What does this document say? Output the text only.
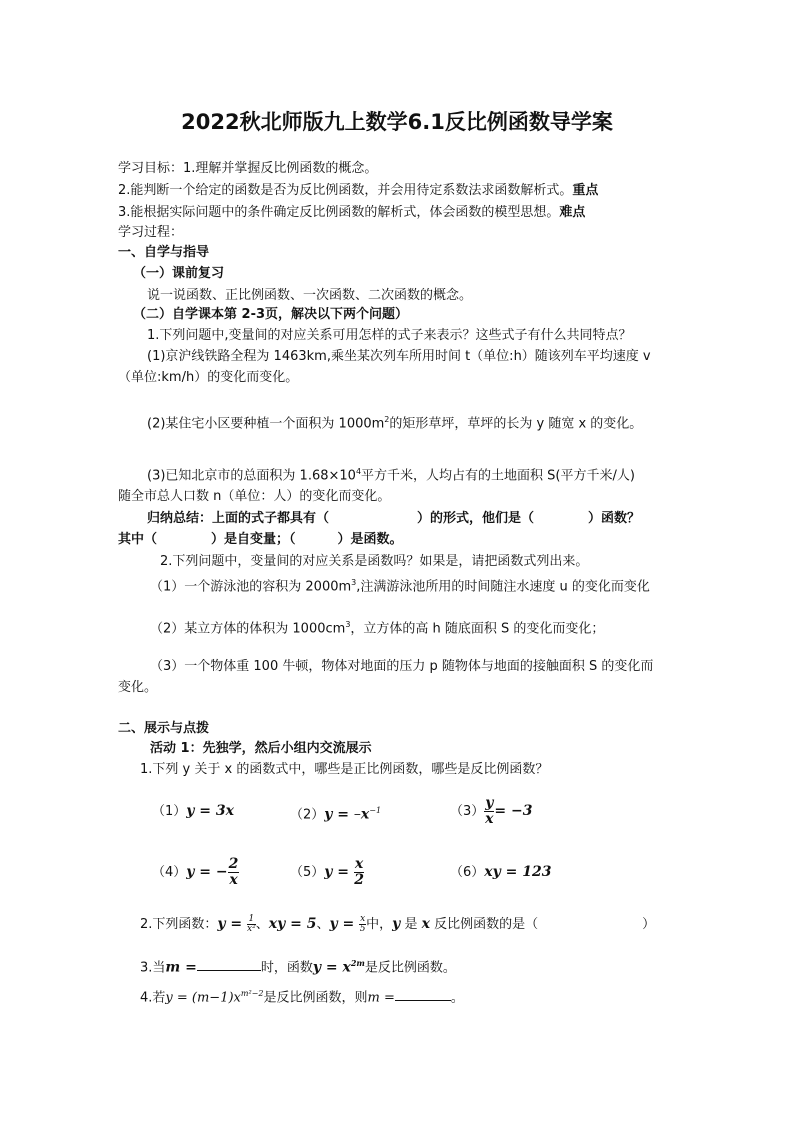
2022秋北师版九上数学6.1反比例函数导学案
学习目标：1.理解并掌握反比例函数的概念。
2.能判断一个给定的函数是否为反比例函数，并会用待定系数法求函数解析式。重点
3.能根据实际问题中的条件确定反比例函数的解析式，体会函数的模型思想。难点
学习过程：
一、自学与指导
（一）课前复习
说一说函数、正比例函数、一次函数、二次函数的概念。
（二）自学课本第 2-3页，解决以下两个问题）
1.下列问题中,变量间的对应关系可用怎样的式子来表示？这些式子有什么共同特点？
(1)京沪线铁路全程为 1463km,乘坐某次列车所用时间 t（单位:h）随该列车平均速度 v
（单位:km/h）的变化而变化。
(2)某住宅小区要种植一个面积为 $1000m^2$的矩形草坪，草坪的长为 y 随宽 x 的变化。
(3)已知北京市的总面积为 $1.68\times 10^4$平方千米，人均占有的土地面积 S(平方千米/人)
随全市总人口数 n（单位：人）的变化而变化。
归纳总结：上面的式子都具有（	）的形式，他们是（	）函数？
其中（	）是自变量；（	）是函数。
2.下列问题中，变量间的对应关系是函数吗？如果是，请把函数式列出来。
（1）一个游泳池的容积为 $2000m^3$,注满游泳池所用的时间随注水速度 u 的变化而变化
（2）某立方体的体积为 $1000cm^3$，立方体的高 h 随底面积 S 的变化而变化；
（3）一个物体重 100 牛顿，物体对地面的压力 p 随物体与地面的接触面积 S 的变化而
变化。
二、展示与点拨
活动 1：先独学，然后小组内交流展示
1.下列 y 关于 x 的函数式中，哪些是正比例函数，哪些是反比例函数？
（1）y = 3x	$(2)y = -x^{-1}$	$(3) \frac{y}{x} = -3$
（4）y = − $\frac{2}{x}$	$(5)y = \frac{x}{2}$	（6）xy = 123
2.下列函数：$y = \frac{1}{\text{x²}}$ 、xy = 5、$y = \frac{x}{5}$ 中，y 是 x 反比例函数的是（	）
3.当m =	时，函数$y = x^{2m}$是反比例函数。
4.若$y = (m-1)x^{m^2-2}$是反比例函数，则m =	。
